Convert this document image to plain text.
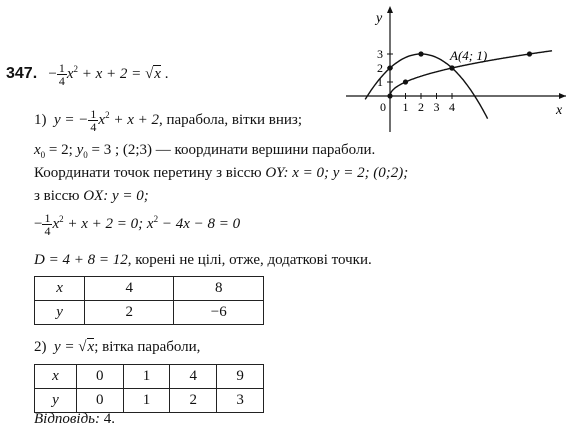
347. − $\frac{1}{4} x^2 + x + 2 = √x$ .
1) y = − $\frac{1}{4} x^2 + x + 2$, парабола, вітки вниз;
$x_0 = 2$; $y_0 = 3$ ; (2;3) — координати вершини параболи.
Координати точок перетину з віссю OY: x = 0; y = 2; (0;2);
з віссю OX: y = 0;
− $\frac{1}{4} x^2 + x + 2 = 0$; $x^2 - 4x - 8 = 0$
D = 4 + 8 = 12, корені не цілі, отже, додаткові точки.
x	4	8
y	2	−6
2) y = √x; вітка параболи,
x	0	1	4	9
y	0	1	2	3
Відповідь: 4.
x
y
0 1 2 3 4
1
2
3	A(4; 1)
